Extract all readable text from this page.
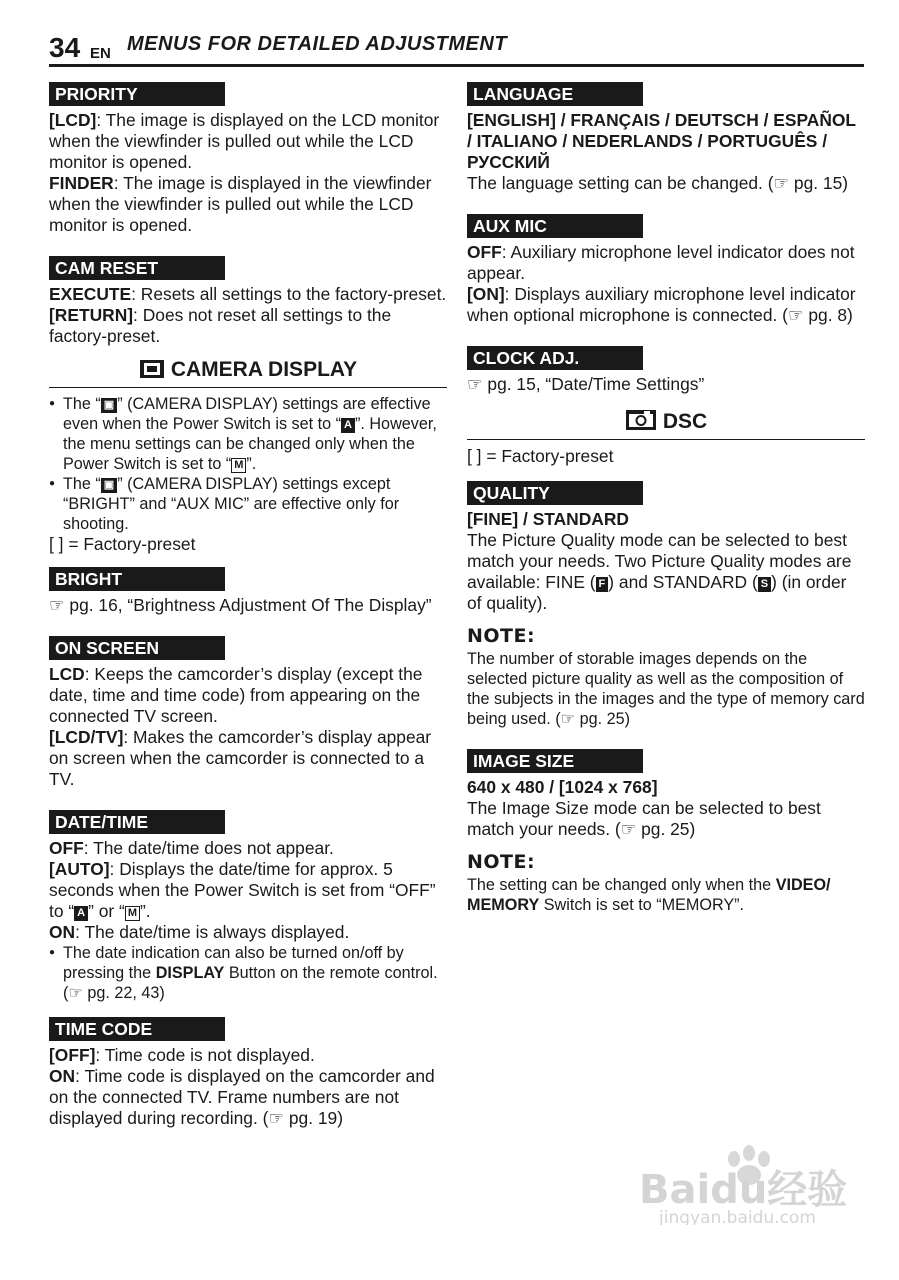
34 EN MENUS FOR DETAILED ADJUSTMENT
PRIORITY

[LCD]: The image is displayed on the LCD monitor when the viewfinder is pulled out while the LCD monitor is opened.

FINDER: The image is displayed in the viewfinder when the viewfinder is pulled out while the LCD monitor is opened.

CAM RESET

EXECUTE: Resets all settings to the factory-preset.

[RETURN]: Does not reset all settings to the factory-preset.

CAMERA DISPLAY
● The “ ▣ ” (CAMERA DISPLAY) settings are effective even when the Power Switch is set to “ A ”. However, the menu settings can be changed only when the Power Switch is set to “ M ”.
● The “ ▣ ” (CAMERA DISPLAY) settings except “BRIGHT” and “AUX MIC” are effective only for shooting.

[ ] = Factory-preset

BRIGHT

☞ pg. 16, “Brightness Adjustment Of The Display”

ON SCREEN

LCD: Keeps the camcorder’s display (except the date, time and time code) from appearing on the connected TV screen.

[LCD/TV]: Makes the camcorder’s display appear on screen when the camcorder is connected to a TV.

DATE/TIME

OFF: The date/time does not appear.

[AUTO]: Displays the date/time for approx. 5 seconds when the Power Switch is set from “OFF” to “ A ” or “ M ”.

ON: The date/time is always displayed.

● The date indication can also be turned on/off by pressing the DISPLAY Button on the remote control. (☞ pg. 22, 43)
TIME CODE

[OFF]: Time code is not displayed.

ON: Time code is displayed on the camcorder and on the connected TV. Frame numbers are not displayed during recording. (☞ pg. 19)

LANGUAGE

[ENGLISH] / FRANÇAIS / DEUTSCH / ESPAÑOL / ITALIANO / NEDERLANDS / PORTUGUÊS / РУССКИЙ

The language setting can be changed. (☞ pg. 15)

AUX MIC

OFF: Auxiliary microphone level indicator does not appear.

[ON]: Displays auxiliary microphone level indicator when optional microphone is connected. (☞ pg. 8)

CLOCK ADJ.

☞ pg. 15, “Date/Time Settings”

DSC

[ ] = Factory-preset

QUALITY

[FINE] / STANDARD

The Picture Quality mode can be selected to best match your needs. Two Picture Quality modes are available: FINE ( F ) and STANDARD ( S ) (in order of quality).

NOTE:

The number of storable images depends on the selected picture quality as well as the composition of the subjects in the images and the type of memory card being used. (☞ pg. 25)

IMAGE SIZE

640 x 480 / [1024 x 768]

The Image Size mode can be selected to best match your needs. (☞ pg. 25)

NOTE:

The setting can be changed only when the VIDEO/ MEMORY Switch is set to “MEMORY”.

Baidu经验
jingyan.baidu.com
